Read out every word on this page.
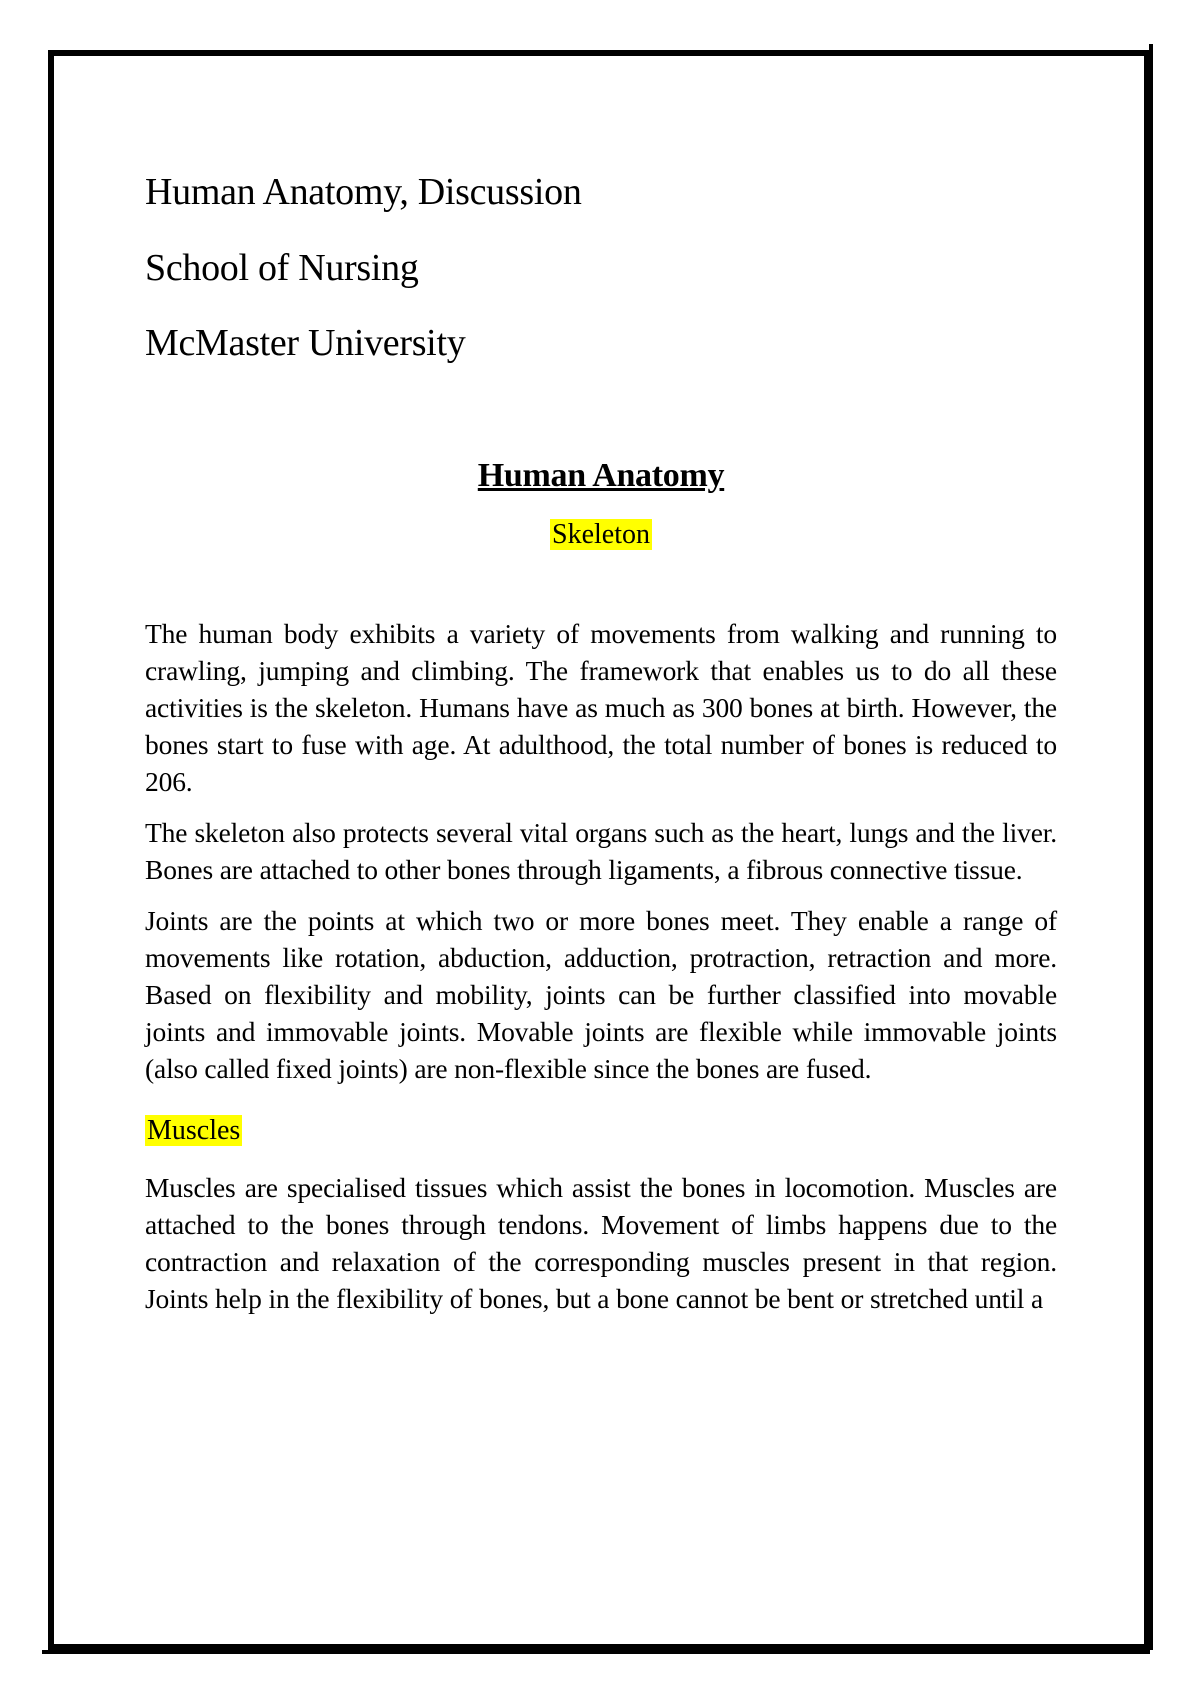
Human Anatomy, Discussion
School of Nursing
McMaster University
Human Anatomy
Skeleton

The human body exhibits a variety of movements from walking and running to crawling, jumping and climbing. The framework that enables us to do all these activities is the skeleton. Humans have as much as 300 bones at birth. However, the bones start to fuse with age. At adulthood, the total number of bones is reduced to 206.

The skeleton also protects several vital organs such as the heart, lungs and the liver. Bones are attached to other bones through ligaments, a fibrous connective tissue.

Joints are the points at which two or more bones meet. They enable a range of movements like rotation, abduction, adduction, protraction, retraction and more. Based on flexibility and mobility, joints can be further classified into movable joints and immovable joints. Movable joints are flexible while immovable joints (also called fixed joints) are non-flexible since the bones are fused.

Muscles

Muscles are specialised tissues which assist the bones in locomotion. Muscles are attached to the bones through tendons. Movement of limbs happens due to the contraction and relaxation of the corresponding muscles present in that region. Joints help in the flexibility of bones, but a bone cannot be bent or stretched until a
